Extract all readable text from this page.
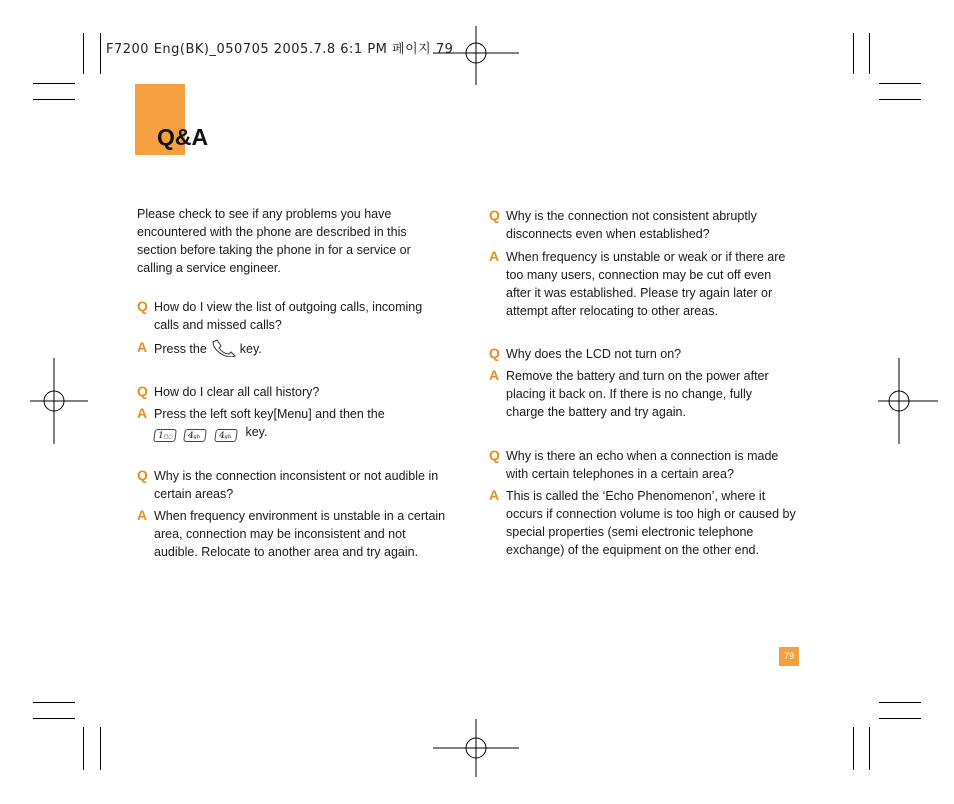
F7200 Eng(BK)_050705 2005.7.8 6:1 PM 페이지 79
Q&A
Please check to see if any problems you have encountered with the phone are described in this section before taking the phone in for a service or calling a service engineer.
Q How do I view the list of outgoing calls, incoming calls and missed calls?
A Press the	key.
Q How do I clear all call history?
A Press the left soft key[Menu] and then the
1□○ 4gh 4gh key.
Q Why is the connection inconsistent or not audible in certain areas?
A When frequency environment is unstable in a certain area, connection may be inconsistent and not audible. Relocate to another area and try again.
Q Why is the connection not consistent abruptly disconnects even when established?
A When frequency is unstable or weak or if there are too many users, connection may be cut off even after it was established. Please try again later or attempt after relocating to other areas.
Q Why does the LCD not turn on?
A Remove the battery and turn on the power after placing it back on. If there is no change, fully charge the battery and try again.
Q Why is there an echo when a connection is made with certain telephones in a certain area?
A This is called the ‘Echo Phenomenon’, where it occurs if connection volume is too high or caused by special properties (semi electronic telephone exchange) of the equipment on the other end.
79
